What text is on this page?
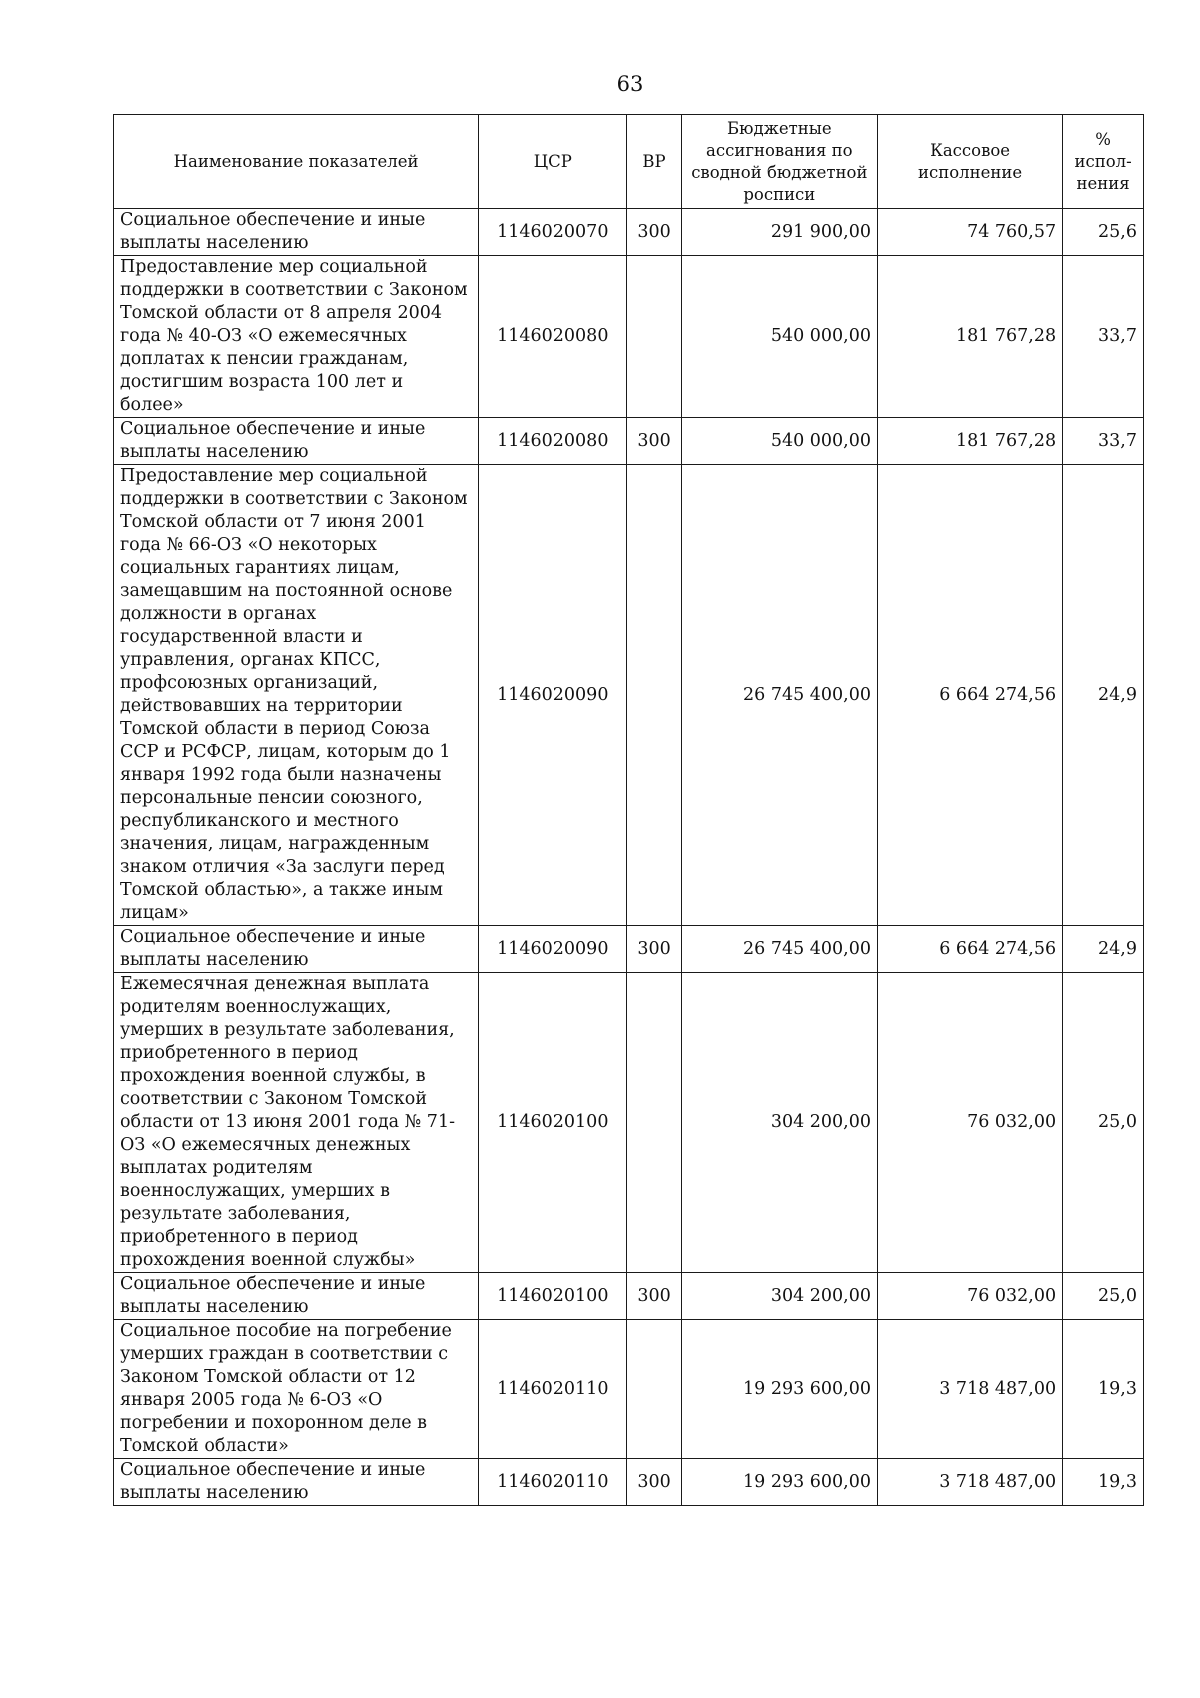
63
Наименование показателей	ЦСР	ВР	Бюджетные ассигнования по сводной бюджетной росписи	Кассовое исполнение	% испол-нения
Социальное обеспечение и иные выплаты населению	1146020070	300	291 900,00	74 760,57	25,6
Предоставление мер социальной поддержки в соответствии с Законом Томской области от 8 апреля 2004 года № 40-ОЗ «О ежемесячных доплатах к пенсии гражданам, достигшим возраста 100 лет и более»	1146020080		540 000,00	181 767,28	33,7
Социальное обеспечение и иные выплаты населению	1146020080	300	540 000,00	181 767,28	33,7
Предоставление мер социальной поддержки в соответствии с Законом Томской области от 7 июня 2001 года № 66-ОЗ «О некоторых социальных гарантиях лицам, замещавшим на постоянной основе должности в органах государственной власти и управления, органах КПСС, профсоюзных организаций, действовавших на территории Томской области в период Союза ССР и РСФСР, лицам, которым до 1 января 1992 года были назначены персональные пенсии союзного, республиканского и местного значения, лицам, награжденным знаком отличия «За заслуги перед Томской областью», а также иным лицам»	1146020090		26 745 400,00	6 664 274,56	24,9
Социальное обеспечение и иные выплаты населению	1146020090	300	26 745 400,00	6 664 274,56	24,9
Ежемесячная денежная выплата родителям военнослужащих, умерших в результате заболевания, приобретенного в период прохождения военной службы, в соответствии с Законом Томской области от 13 июня 2001 года № 71-ОЗ «О ежемесячных денежных выплатах родителям военнослужащих, умерших в результате заболевания, приобретенного в период прохождения военной службы»	1146020100		304 200,00	76 032,00	25,0
Социальное обеспечение и иные выплаты населению	1146020100	300	304 200,00	76 032,00	25,0
Социальное пособие на погребение умерших граждан в соответствии с Законом Томской области от 12 января 2005 года № 6-ОЗ «О погребении и похоронном деле в Томской области»	1146020110		19 293 600,00	3 718 487,00	19,3
Социальное обеспечение и иные выплаты населению	1146020110	300	19 293 600,00	3 718 487,00	19,3
